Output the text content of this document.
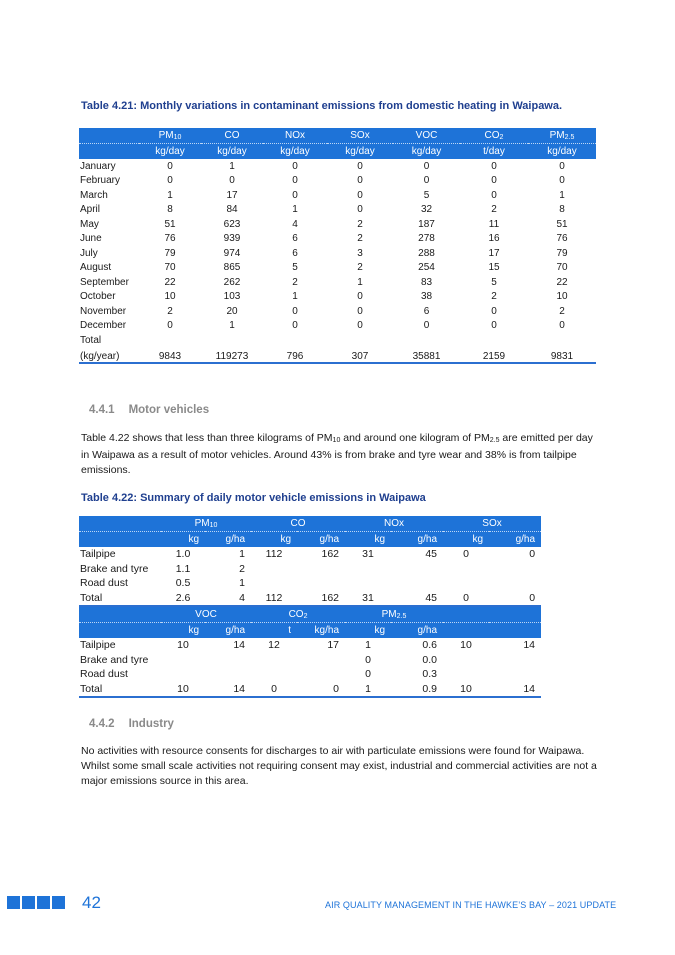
Table 4.21: Monthly variations in contaminant emissions from domestic heating in Waipawa.
	PM10	CO	NOx	SOx	VOC	CO2	PM2.5
	kg/day	kg/day	kg/day	kg/day	kg/day	t/day	kg/day
January	0	1	0	0	0	0	0
February	0	0	0	0	0	0	0
March	1	17	0	0	5	0	1
April	8	84	1	0	32	2	8
May	51	623	4	2	187	11	51
June	76	939	6	2	278	16	76
July	79	974	6	3	288	17	79
August	70	865	5	2	254	15	70
September	22	262	2	1	83	5	22
October	10	103	1	0	38	2	10
November	2	20	0	0	6	0	2
December	0	1	0	0	0	0	0
Total							
(kg/year)	9843	119273	796	307	35881	2159	9831
4.4.1 Motor vehicles
Table 4.22 shows that less than three kilograms of PM10 and around one kilogram of PM2.5 are emitted per day in Waipawa as a result of motor vehicles. Around 43% is from brake and tyre wear and 38% is from tailpipe emissions.
Table 4.22: Summary of daily motor vehicle emissions in Waipawa
	PM10		CO		NOx		SOx	
	kg	g/ha	kg	g/ha	kg	g/ha	kg	g/ha
Tailpipe	1.0	1	112	162	31	45	0	0
Brake and tyre	1.1	2						
Road dust	0.5	1						
Total	2.6	4	112	162	31	45	0	0
	VOC		CO2		PM2.5			
	kg	g/ha	t	kg/ha	kg	g/ha		
Tailpipe	10	14	12	17	1	0.6	10	14
Brake and tyre					0	0.0		
Road dust					0	0.3		
Total	10	14	0	0	1	0.9	10	14
4.4.2 Industry
No activities with resource consents for discharges to air with particulate emissions were found for Waipawa. Whilst some small scale activities not requiring consent may exist, industrial and commercial activities are not a major emissions source in this area.
42	AIR QUALITY MANAGEMENT IN THE HAWKE’S BAY – 2021 UPDATE
